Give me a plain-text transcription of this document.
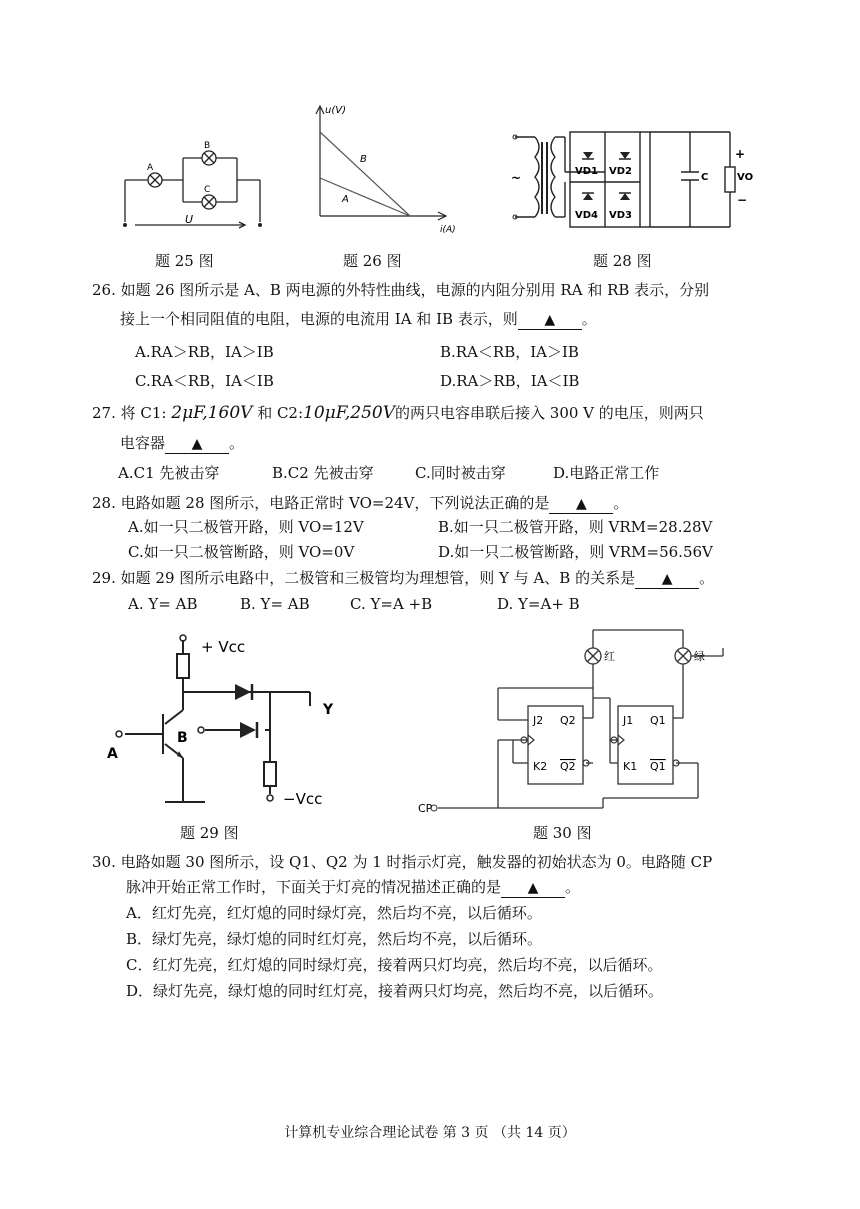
A
B
C
U
题 25 图
u(V)
i(A)
B
A
题 26 图
~	VD1 VD2
VD4 VD3
C	VO
+
−
题 28 图
26. 如题 26 图所示是 A、B 两电源的外特性曲线，电源的内阻分别用 RA 和 RB 表示，分别
接上一个相同阻值的电阻，电源的电流用 IA 和 IB 表示，则 ▲ 。
A.RA＞RB，IA＞IB	B.RA＜RB，IA＞IB
C.RA＜RB，IA＜IB	D.RA＞RB，IA＜IB
27. 将 C1: 2μF,160V 和 C2:10μF,250V的两只电容串联后接入 300 V 的电压，则两只
电容器 ▲ 。
A.C1 先被击穿	B.C2 先被击穿	C.同时被击穿	D.电路正常工作
28. 电路如题 28 图所示，电路正常时 VO=24V，下列说法正确的是 ▲ 。
A.如一只二极管开路，则 VO=12V	B.如一只二极管开路，则 VRM=28.28V
C.如一只二极管断路，则 VO=0V	D.如一只二极管断路，则 VRM=56.56V
29. 如题 29 图所示电路中，二极管和三极管均为理想管，则 Y 与 A、B 的关系是 ▲ 。
A. Y= AB	B. Y= AB	C. Y=A +B	D. Y=A+ B
+ Vcc
−Vcc
A
B
Y
题 29 图
红	绿
CP
J2
K2
Q2
Q2
J1
K1
Q1
Q1
题 30 图
30. 电路如题 30 图所示，设 Q1、Q2 为 1 时指示灯亮，触发器的初始状态为 0。电路随 CP
脉冲开始正常工作时，下面关于灯亮的情况描述正确的是 ▲ 。
A．红灯先亮，红灯熄的同时绿灯亮，然后均不亮，以后循环。
B．绿灯先亮，绿灯熄的同时红灯亮，然后均不亮，以后循环。
C．红灯先亮，红灯熄的同时绿灯亮，接着两只灯均亮，然后均不亮，以后循环。
D．绿灯先亮，绿灯熄的同时红灯亮，接着两只灯均亮，然后均不亮，以后循环。
计算机专业综合理论试卷 第 3 页 （共 14 页）
